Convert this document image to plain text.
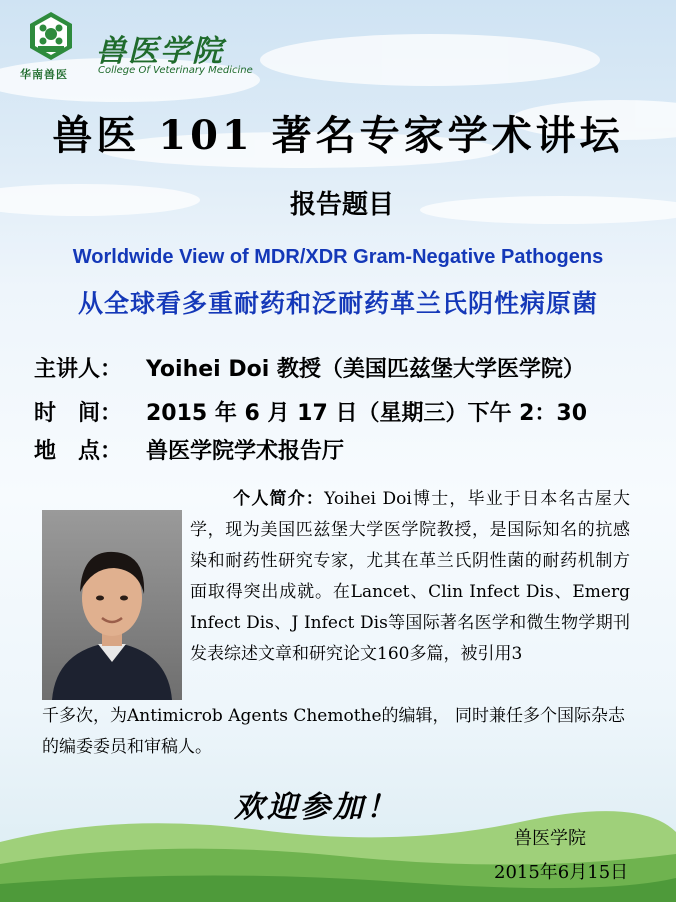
华南兽医
兽医学院
College Of Veterinary Medicine
兽医 101 著名专家学术讲坛
报告题目
Worldwide View of MDR/XDR Gram-Negative Pathogens
从全球看多重耐药和泛耐药革兰氏阴性病原菌
主讲人： Yoihei Doi 教授（美国匹兹堡大学医学院）
时　间： 2015 年 6 月 17 日（星期三）下午 2：30
地　点： 兽医学院学术报告厅
个人简介：Yoihei Doi博士，毕业于日本名古屋大学，现为美国匹兹堡大学医学院教授，是国际知名的抗感染和耐药性研究专家，尤其在革兰氏阴性菌的耐药机制方面取得突出成就。在Lancet、Clin Infect Dis、Emerg Infect Dis、J Infect Dis等国际著名医学和微生物学期刊发表综述文章和研究论文160多篇，被引用3
千多次，为Antimicrob Agents Chemothe的编辑， 同时兼任多个国际杂志的编委委员和审稿人。
欢迎参加！
兽医学院
2015年6月15日
